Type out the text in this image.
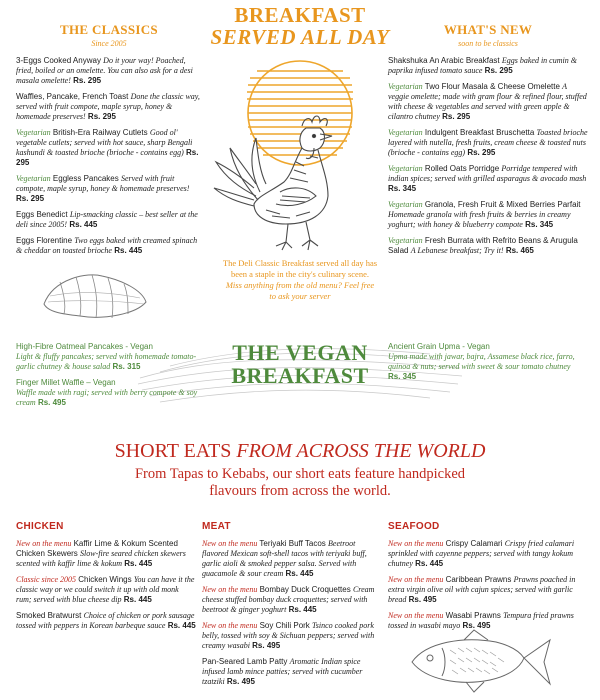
BREAKFAST
SERVED ALL DAY
THE CLASSICS
Since 2005
3-Eggs Cooked Anyway Do it your way! Poached, fried, boiled or an omelette. You can also ask for a desi masala omelette! Rs. 295
Waffles, Pancake, French Toast Done the classic way, served with fruit compote, maple syrup, honey & homemade preserves! Rs. 295
Vegetarian British-Era Railway Cutlets Good ol' vegetable cutlets; served with hot sauce, sharp Bengali kashundi & toasted brioche (brioche - contains egg) Rs. 295
Vegetarian Eggless Pancakes Served with fruit compote, maple syrup, honey & homemade preserves! Rs. 295
Eggs Benedict Lip-smacking classic – best seller at the deli since 2005! Rs. 445
Eggs Florentine Two eggs baked with creamed spinach & cheddar on toasted brioche Rs. 445
WHAT'S NEW
soon to be classics
Shakshuka An Arabic Breakfast Eggs baked in cumin & paprika infused tomato sauce Rs. 295
Vegetarian Two Flour Masala & Cheese Omelette A veggie omelette; made with gram flour & refined flour, stuffed with cheese & vegetables and served with green apple & cilantro chutney Rs. 295
Vegetarian Indulgent Breakfast Bruschetta Toasted brioche layered with nutella, fresh fruits, cream cheese & toasted nuts (brioche - contains egg) Rs. 295
Vegetarian Rolled Oats Porridge Porridge tempered with indian spices; served with grilled asparagus & avocado mash Rs. 345
Vegetarian Granola, Fresh Fruit & Mixed Berries Parfait Homemade granola with fresh fruits & berries in creamy yoghurt; with honey & blueberry compote Rs. 345
Vegetarian Fresh Burrata with Refrito Beans & Arugula Salad A Lebanese breakfast; Try it! Rs. 465
The Deli Classic Breakfast served all day has been a staple in the city's culinary scene.
Miss anything from the old menu? Feel free to ask your server
THE VEGAN
BREAKFAST
High-Fibre Oatmeal Pancakes - Vegan
Light & fluffy pancakes; served with homemade tomato-garlic chutney & house salad Rs. 315
Finger Millet Waffle – Vegan
Waffle made with ragi; served with berry compote & soy cream Rs. 495
Ancient Grain Upma - Vegan
Upma made with jawar, bajra, Assamese black rice, farro, quinoa & nuts; served with sweet & sour tomato chutney Rs. 345
SHORT EATS FROM ACROSS THE WORLD
From Tapas to Kebabs, our short eats feature handpicked flavours from across the world.
CHICKEN
New on the menu Kaffir Lime & Kokum Scented Chicken Skewers Slow-fire seared chicken skewers scented with kaffir lime & kokum Rs. 445
Classic since 2005 Chicken Wings You can have it the classic way or we could switch it up with old monk rum; served with blue cheese dip Rs. 445
Smoked Bratwurst Choice of chicken or pork sausage tossed with peppers in Korean barbeque sauce Rs. 445
MEAT
New on the menu Teriyaki Buff Tacos Beetroot flavored Mexican soft-shell tacos with teriyaki buff, garlic aioli & smoked pepper salsa. Served with guacamole & sour cream Rs. 445
New on the menu Bombay Duck Croquettes Cream cheese stuffed bombay duck croquettes; served with beetroot & ginger yoghurt Rs. 445
New on the menu Soy Chili Pork Tsinco cooked pork belly, tossed with soy & Sichuan peppers; served with creamy wasabi Rs. 495
Pan-Seared Lamb Patty Aromatic Indian spice infused lamb mince patties; served with cucumber tzatziki Rs. 495
SEAFOOD
New on the menu Crispy Calamari Crispy fried calamari sprinkled with cayenne peppers; served with tangy kokum chutney Rs. 445
New on the menu Caribbean Prawns Prawns poached in extra virgin olive oil with cajun spices; served with garlic bread Rs. 495
New on the menu Wasabi Prawns Tempura fried prawns tossed in wasabi mayo Rs. 495
